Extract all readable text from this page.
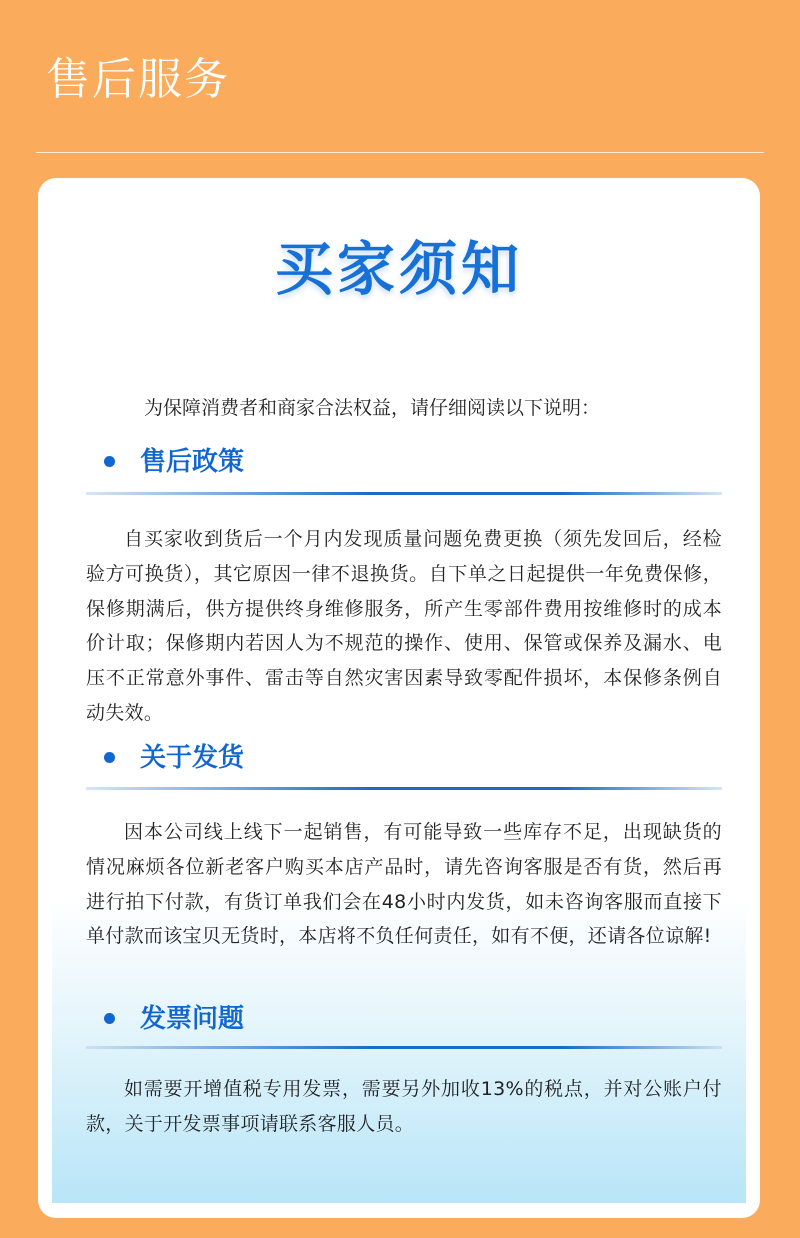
售后服务
买家须知
为保障消费者和商家合法权益，请仔细阅读以下说明：
售后政策
自买家收到货后一个月内发现质量问题免费更换（须先发回后，经检验方可换货），其它原因一律不退换货。自下单之日起提供一年免费保修，保修期满后，供方提供终身维修服务，所产生零部件费用按维修时的成本价计取；保修期内若因人为不规范的操作、使用、保管或保养及漏水、电压不正常意外事件、雷击等自然灾害因素导致零配件损坏，本保修条例自动失效。
关于发货
因本公司线上线下一起销售，有可能导致一些库存不足，出现缺货的情况麻烦各位新老客户购买本店产品时，请先咨询客服是否有货，然后再进行拍下付款，有货订单我们会在48小时内发货，如未咨询客服而直接下单付款而该宝贝无货时，本店将不负任何责任，如有不便，还请各位谅解!
发票问题
如需要开增值税专用发票，需要另外加收13%的税点，并对公账户付款，关于开发票事项请联系客服人员。
